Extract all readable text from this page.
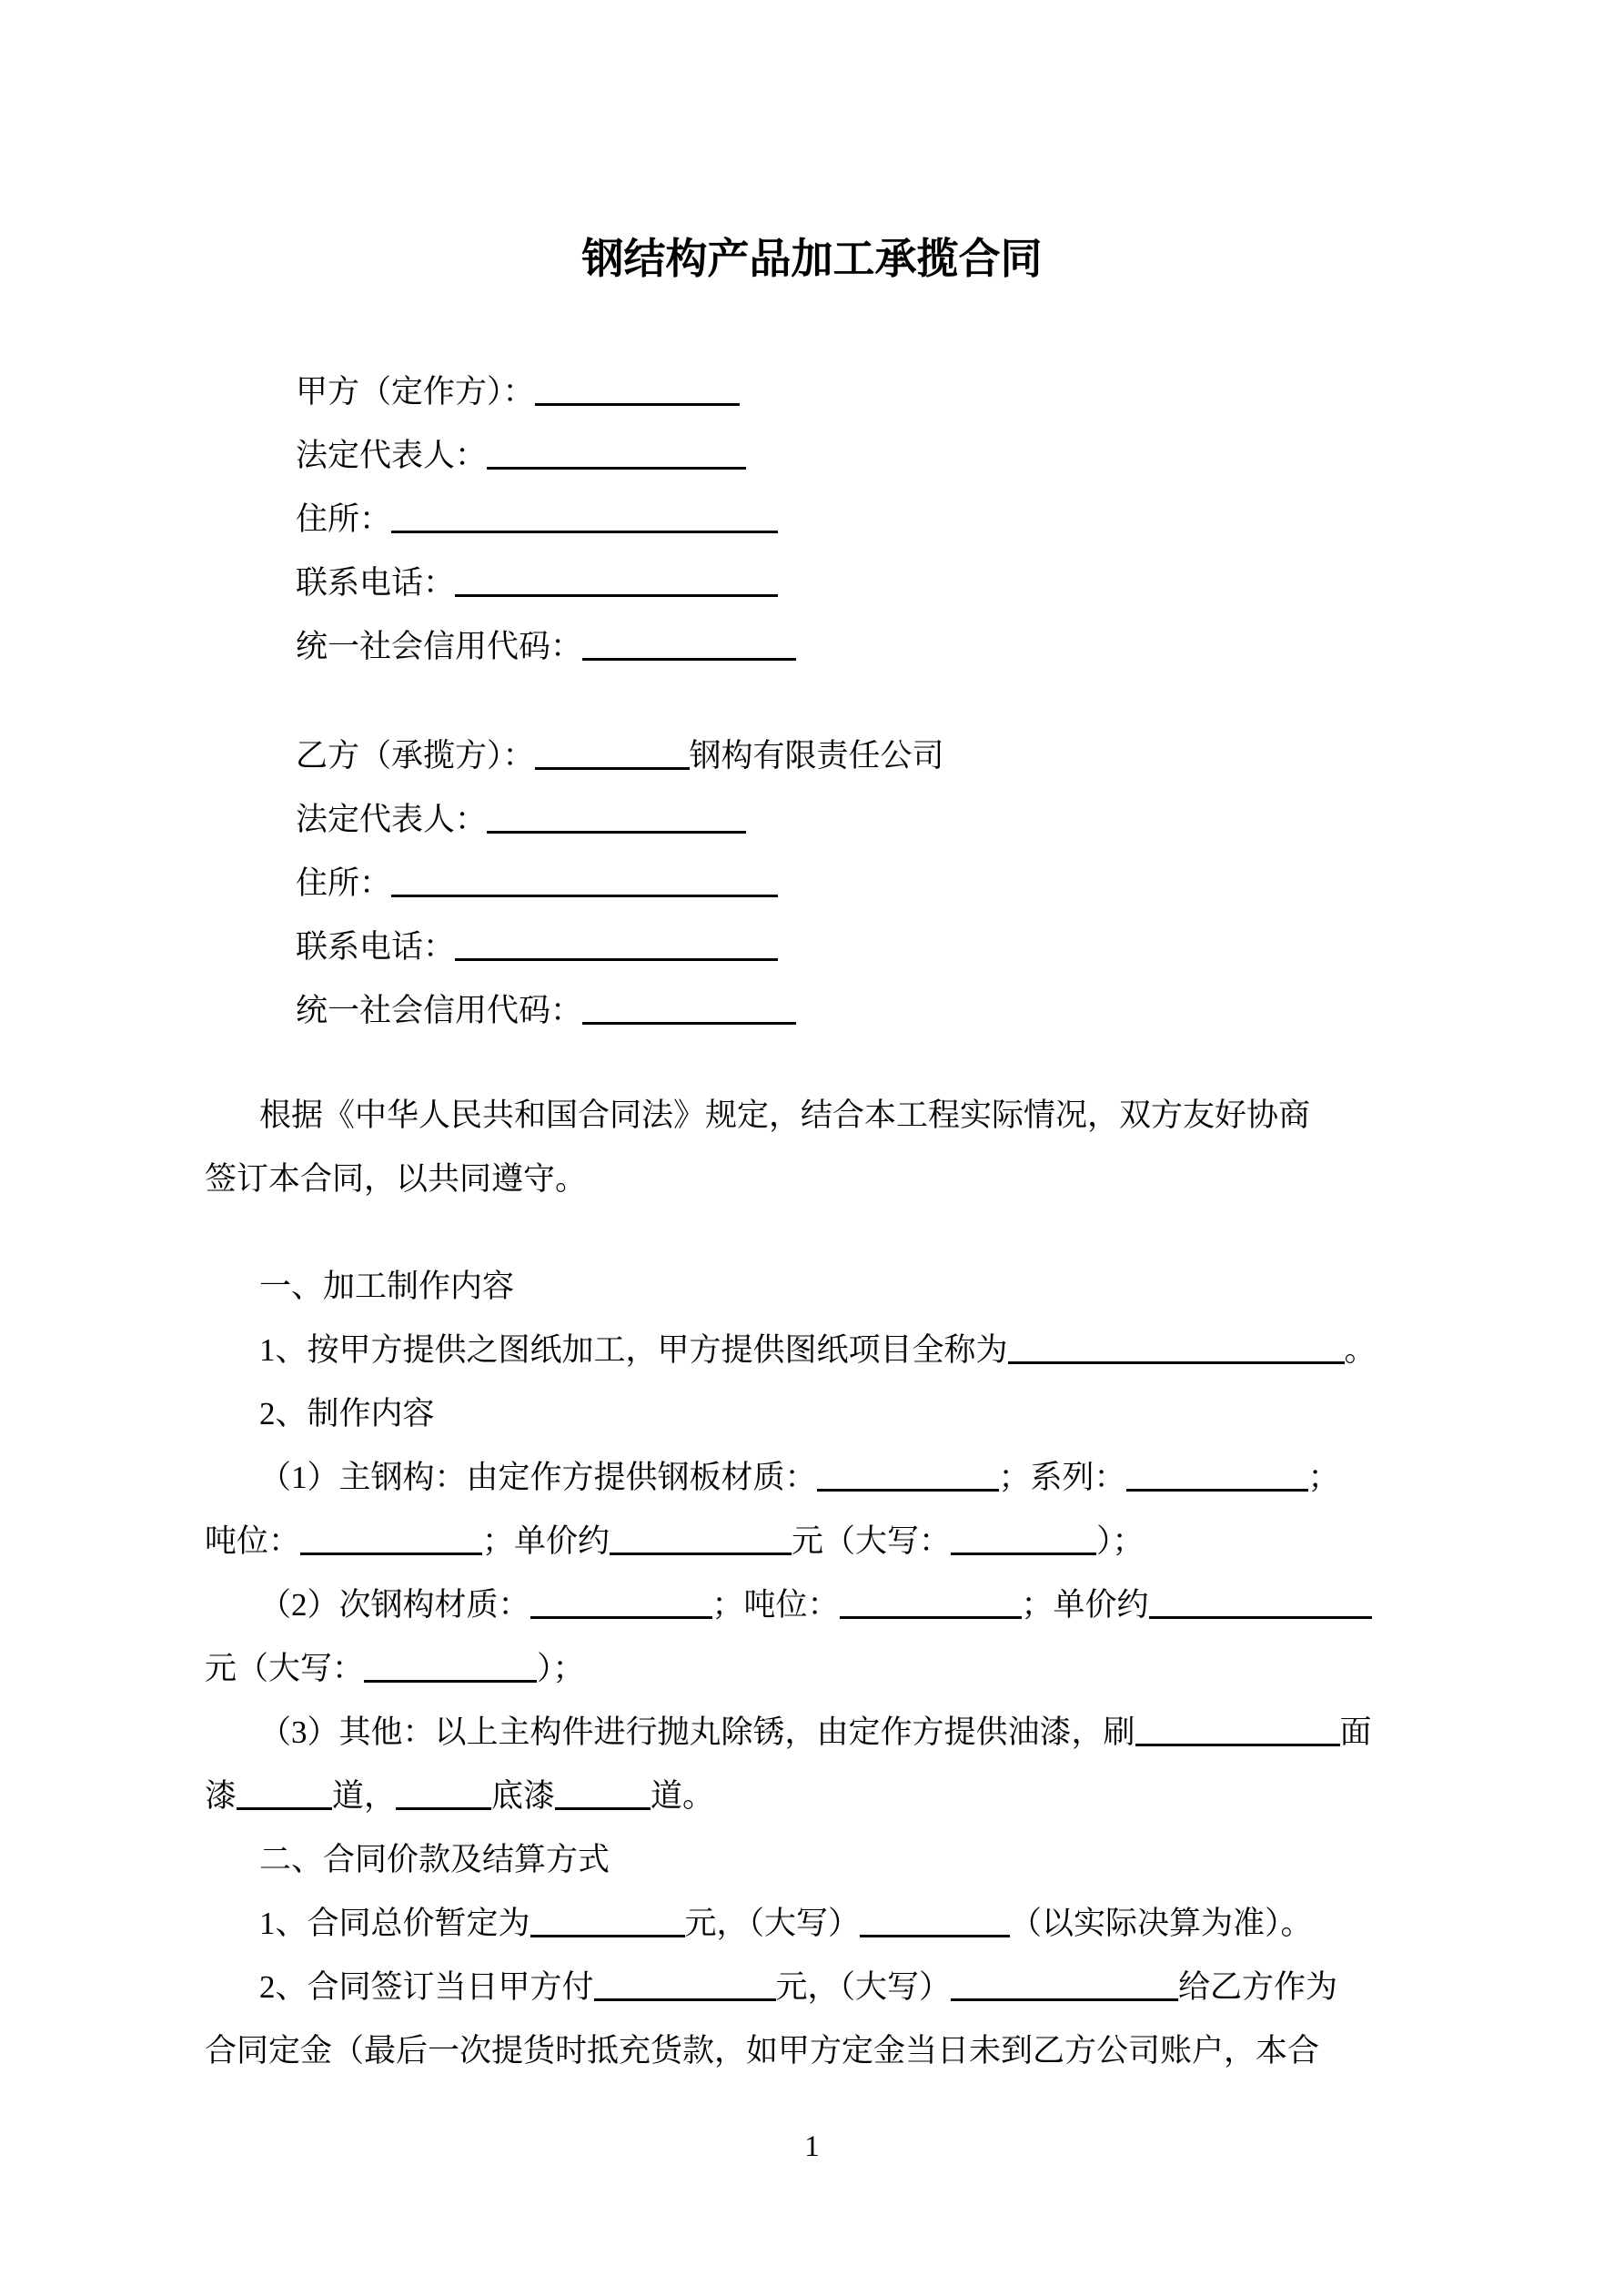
钢结构产品加工承揽合同
甲方（定作方）：
法定代表人：
住所：
联系电话：
统一社会信用代码：
乙方（承揽方）：	钢构有限责任公司
法定代表人：
住所：
联系电话：
统一社会信用代码：
根据《中华人民共和国合同法》规定，结合本工程实际情况，双方友好协商
签订本合同，以共同遵守。
一、加工制作内容
1、按甲方提供之图纸加工，甲方提供图纸项目全称为	。
2、制作内容
（1）主钢构：由定作方提供钢板材质：	；系列：	；
吨位：	；单价约	元（大写：	）；
（2）次钢构材质：	；吨位：	；单价约
元（大写：	）；
（3）其他：以上主构件进行抛丸除锈，由定作方提供油漆，刷	面
漆	道，	底漆	道。
二、合同价款及结算方式
1、合同总价暂定为	元，（大写）	（以实际决算为准）。
2、合同签订当日甲方付	元，（大写）	给乙方作为
合同定金（最后一次提货时抵充货款，如甲方定金当日未到乙方公司账户，本合
1
